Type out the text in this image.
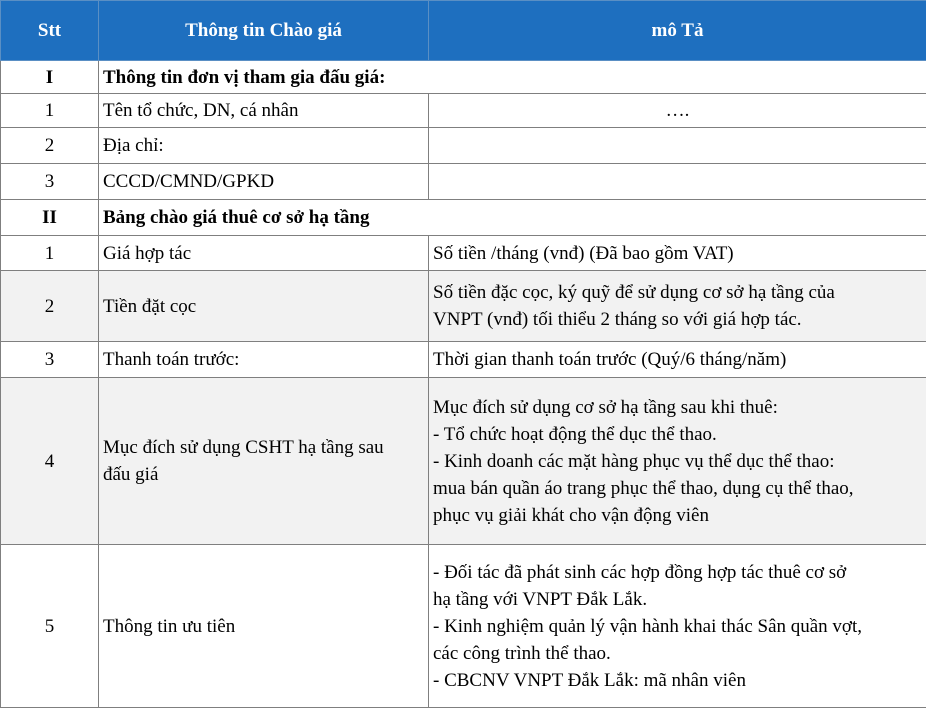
Stt	Thông tin Chào giá	mô Tả
I	Thông tin đơn vị tham gia đấu giá:	
1	Tên tổ chức, DN, cá nhân	….
2	Địa chỉ:	
3	CCCD/CMND/GPKD	
II	Bảng chào giá thuê cơ sở hạ tầng	
1	Giá hợp tác	Số tiền /tháng (vnđ) (Đã bao gồm VAT)

2	Tiền đặt cọc	Số tiền đặc cọc, ký quỹ để sử dụng cơ sở hạ tầng của
VNPT (vnđ) tối thiểu 2 tháng so với giá hợp tác.

3	Thanh toán trước:	Thời gian thanh toán trước (Quý/6 tháng/năm)

4	Mục đích sử dụng CSHT hạ tầng sau
đấu giá	Mục đích sử dụng cơ sở hạ tầng sau khi thuê:
- Tổ chức hoạt động thể dục thể thao.
- Kinh doanh các mặt hàng phục vụ thể dục thể thao:
mua bán quần áo trang phục thể thao, dụng cụ thể thao,
phục vụ giải khát cho vận động viên

5	Thông tin ưu tiên	- Đối tác đã phát sinh các hợp đồng hợp tác thuê cơ sở
hạ tầng với VNPT Đắk Lắk.
- Kinh nghiệm quản lý vận hành khai thác Sân quần vợt,
các công trình thể thao.
- CBCNV VNPT Đắk Lắk: mã nhân viên
